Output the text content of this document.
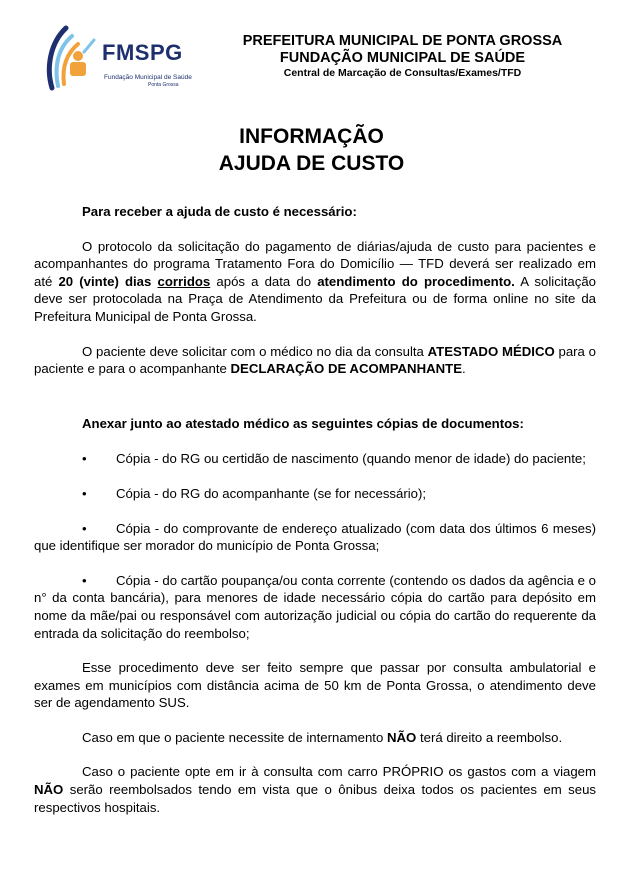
FMSPG
Fundação Municipal de Saúde
Ponta Grossa
PREFEITURA MUNICIPAL DE PONTA GROSSA
FUNDAÇÃO MUNICIPAL DE SAÚDE
Central de Marcação de Consultas/Exames/TFD
INFORMAÇÃO
AJUDA DE CUSTO

Para receber a ajuda de custo é necessário:

O protocolo da solicitação do pagamento de diárias/ajuda de custo para pacientes e acompanhantes do programa Tratamento Fora do Domicílio — TFD deverá ser realizado em até 20 (vinte) dias corridos após a data do atendimento do procedimento. A solicitação deve ser protocolada na Praça de Atendimento da Prefeitura ou de forma online no site da Prefeitura Municipal de Ponta Grossa.

O paciente deve solicitar com o médico no dia da consulta ATESTADO MÉDICO para o paciente e para o acompanhante DECLARAÇÃO DE ACOMPANHANTE.

Anexar junto ao atestado médico as seguintes cópias de documentos:

• Cópia - do RG ou certidão de nascimento (quando menor de idade) do paciente;

• Cópia - do RG do acompanhante (se for necessário);

• Cópia - do comprovante de endereço atualizado (com data dos últimos 6 meses) que identifique ser morador do município de Ponta Grossa;

• Cópia - do cartão poupança/ou conta corrente (contendo os dados da agência e o n° da conta bancária), para menores de idade necessário cópia do cartão para depósito em nome da mãe/pai ou responsável com autorização judicial ou cópia do cartão do requerente da entrada da solicitação do reembolso;

Esse procedimento deve ser feito sempre que passar por consulta ambulatorial e exames em municípios com distância acima de 50 km de Ponta Grossa, o atendimento deve ser de agendamento SUS.

Caso em que o paciente necessite de internamento NÃO terá direito a reembolso.

Caso o paciente opte em ir à consulta com carro PRÓPRIO os gastos com a viagem NÃO serão reembolsados tendo em vista que o ônibus deixa todos os pacientes em seus respectivos hospitais.
